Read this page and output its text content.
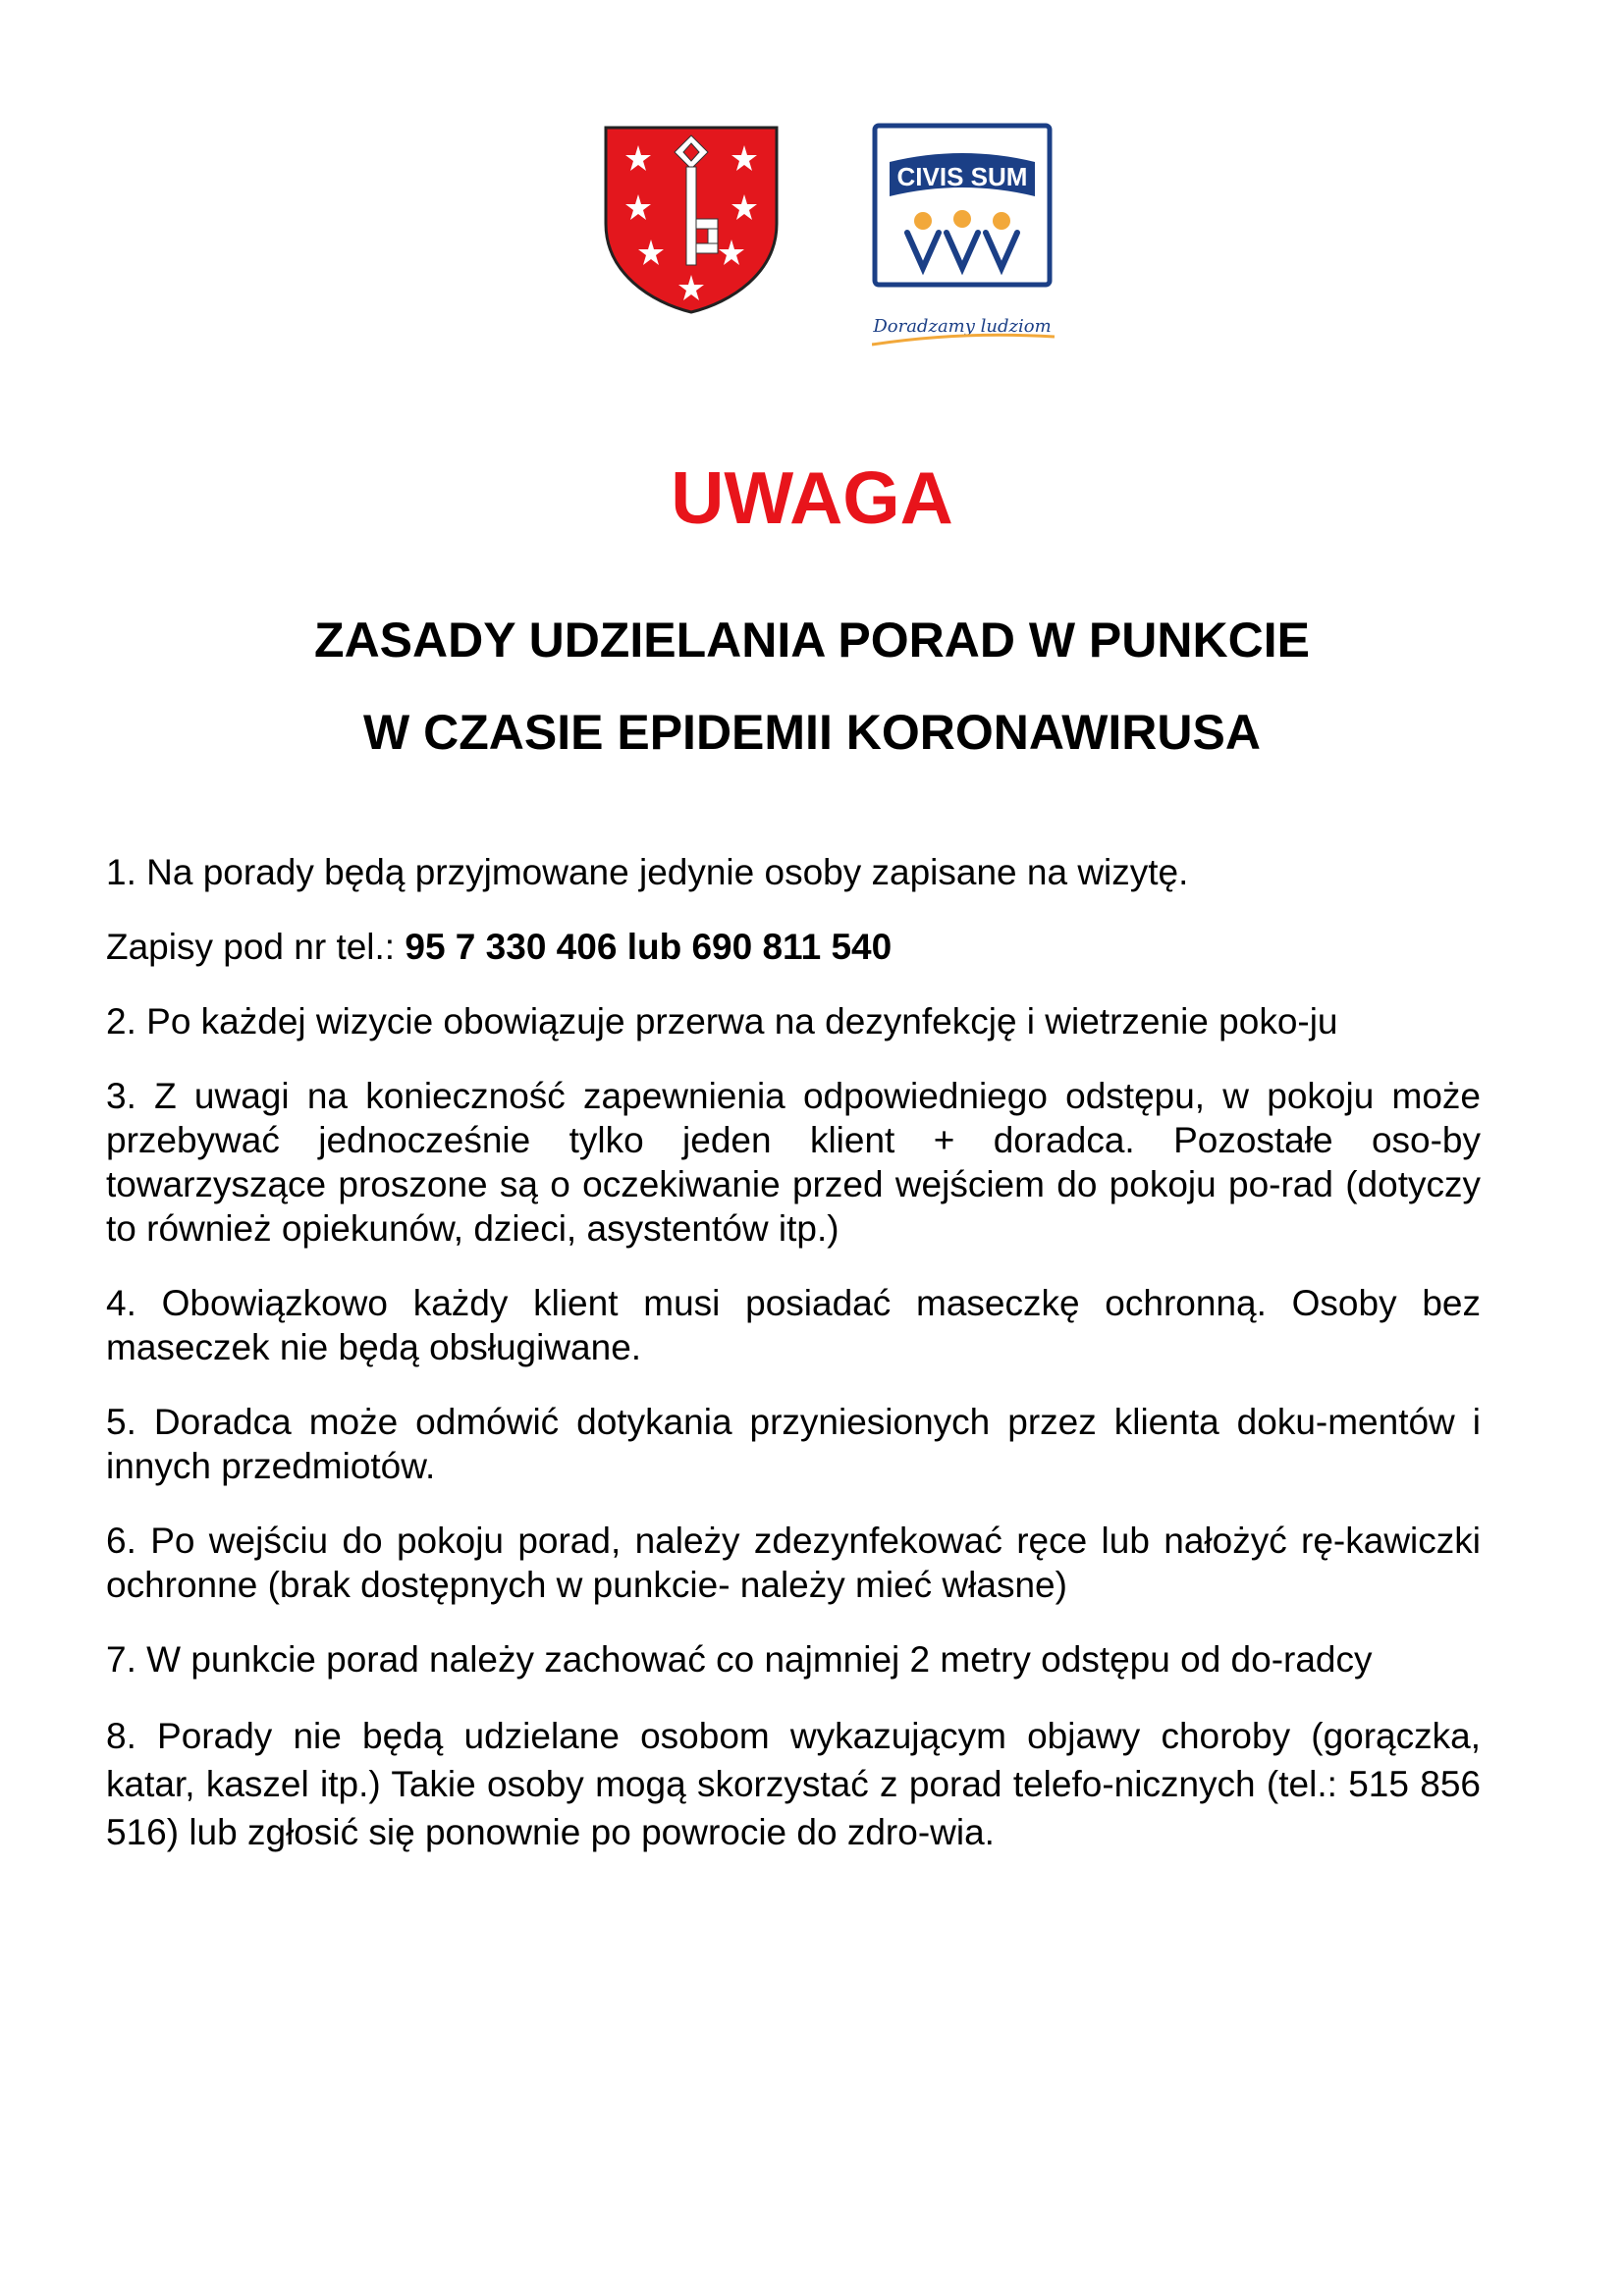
CIVIS SUM
Doradzamy ludziom
UWAGA
ZASADY UDZIELANIA PORAD W PUNKCIE
W CZASIE EPIDEMII KORONAWIRUSA

1. Na porady będą przyjmowane jedynie osoby zapisane na wizytę.

Zapisy pod nr tel.: 95 7 330 406 lub 690 811 540

2. Po każdej wizycie obowiązuje przerwa na dezynfekcję i wietrzenie poko-ju

3. Z uwagi na konieczność zapewnienia odpowiedniego odstępu, w pokoju może przebywać jednocześnie tylko jeden klient + doradca. Pozostałe oso-by towarzyszące proszone są o oczekiwanie przed wejściem do pokoju po-rad (dotyczy to również opiekunów, dzieci, asystentów itp.)

4. Obowiązkowo każdy klient musi posiadać maseczkę ochronną. Osoby bez maseczek nie będą obsługiwane.

5. Doradca może odmówić dotykania przyniesionych przez klienta doku-mentów i innych przedmiotów.

6. Po wejściu do pokoju porad, należy zdezynfekować ręce lub nałożyć rę-kawiczki ochronne (brak dostępnych w punkcie- należy mieć własne)

7. W punkcie porad należy zachować co najmniej 2 metry odstępu od do-radcy

8. Porady nie będą udzielane osobom wykazującym objawy choroby (gorączka, katar, kaszel itp.) Takie osoby mogą skorzystać z porad telefo-nicznych (tel.: 515 856 516) lub zgłosić się ponownie po powrocie do zdro-wia.
